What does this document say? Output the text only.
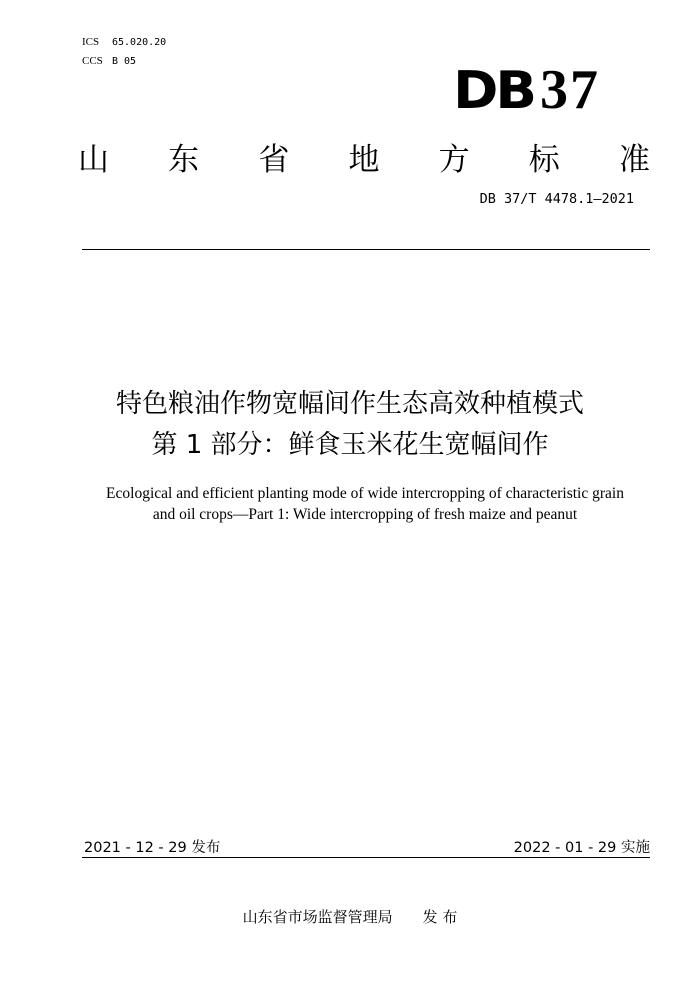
ICS 65.020.20
CCS B 05	DB 37
山 东 省 地 方 标 准
DB 37/T 4478.1—2021
特色粮油作物宽幅间作生态高效种植模式
第 1 部分：鲜食玉米花生宽幅间作
Ecological and efficient planting mode of wide intercropping of characteristic grain
and oil crops—Part 1: Wide intercropping of fresh maize and peanut
2021 - 12 - 29 发布	2022 - 01 - 29 实施
山东省市场监督管理局 发 布
